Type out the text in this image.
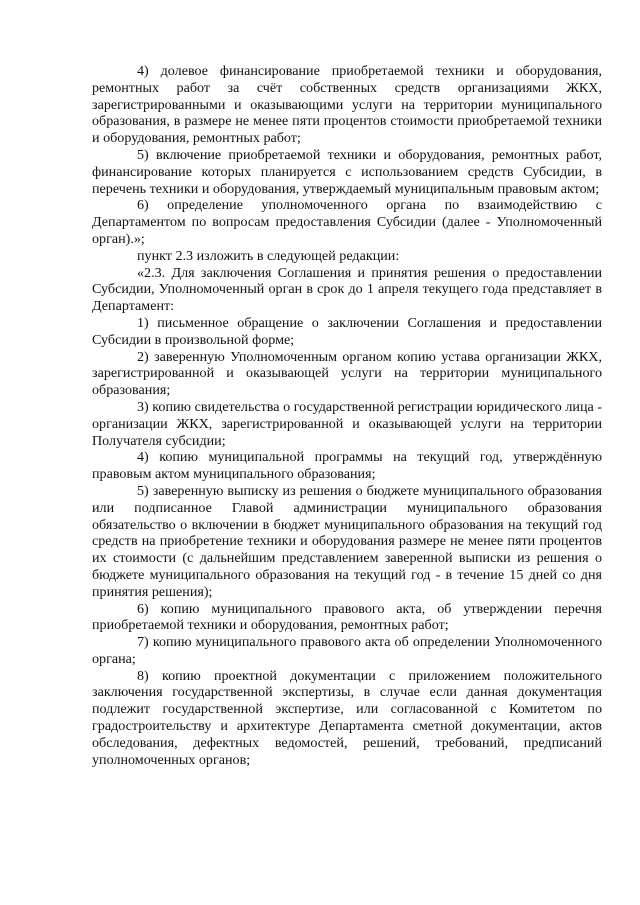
4) долевое финансирование приобретаемой техники и оборудования, ремонтных работ за счёт собственных средств организациями ЖКХ, зарегистрированными и оказывающими услуги на территории муниципального образования, в размере не менее пяти процентов стоимости приобретаемой техники и оборудования, ремонтных работ;

5) включение приобретаемой техники и оборудования, ремонтных работ, финансирование которых планируется с использованием средств Субсидии, в перечень техники и оборудования, утверждаемый муниципальным правовым актом;

6) определение уполномоченного органа по взаимодействию с Департаментом по вопросам предоставления Субсидии (далее - Уполномоченный орган).»;

пункт 2.3 изложить в следующей редакции:

«2.3. Для заключения Соглашения и принятия решения о предоставлении Субсидии, Уполномоченный орган в срок до 1 апреля текущего года представляет в Департамент:

1) письменное обращение о заключении Соглашения и предоставлении Субсидии в произвольной форме;

2) заверенную Уполномоченным органом копию устава организации ЖКХ, зарегистрированной и оказывающей услуги на территории муниципального образования;

3) копию свидетельства о государственной регистрации юридического лица - организации ЖКХ, зарегистрированной и оказывающей услуги на территории Получателя субсидии;

4) копию муниципальной программы на текущий год, утверждённую правовым актом муниципального образования;

5) заверенную выписку из решения о бюджете муниципального образования или подписанное Главой администрации муниципального образования обязательство о включении в бюджет муниципального образования на текущий год средств на приобретение техники и оборудования размере не менее пяти процентов их стоимости (с дальнейшим представлением заверенной выписки из решения о бюджете муниципального образования на текущий год - в течение 15 дней со дня принятия решения);

6) копию муниципального правового акта, об утверждении перечня приобретаемой техники и оборудования, ремонтных работ;

7) копию муниципального правового акта об определении Уполномоченного органа;

8) копию проектной документации с приложением положительного заключения государственной экспертизы, в случае если данная документация подлежит государственной экспертизе, или согласованной с Комитетом по градостроительству и архитектуре Департамента сметной документации, актов обследования, дефектных ведомостей, решений, требований, предписаний уполномоченных органов;
